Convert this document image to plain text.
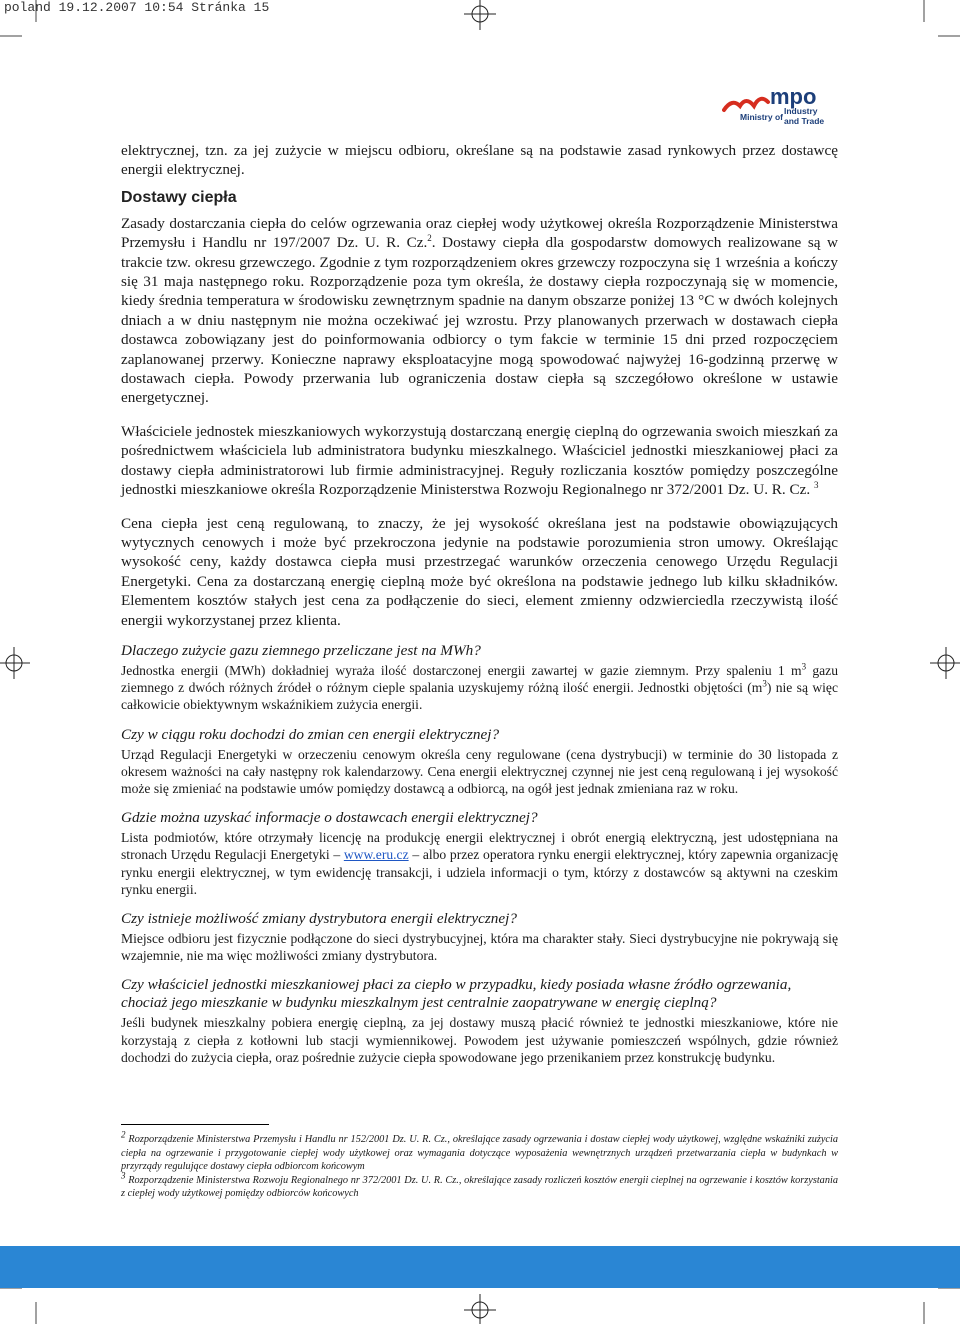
poland 19.12.2007 10:54 Stránka 15
mpo
Ministry of
Industry
and Trade

elektrycznej, tzn. za jej zużycie w miejscu odbioru, określane są na podstawie zasad rynkowych przez dostawcę energii elektrycznej.

Dostawy ciepła

Zasady dostarczania ciepła do celów ogrzewania oraz ciepłej wody użytkowej określa Rozporządzenie Ministerstwa Przemysłu i Handlu nr 197/2007 Dz. U. R. Cz.$^2$. Dostawy ciepła dla gospodarstw domowych realizowane są w trakcie tzw. okresu grzewczego. Zgodnie z tym rozporządzeniem okres grzewczy rozpoczyna się 1 września a kończy się 31 maja następnego roku. Rozporządzenie poza tym określa, że dostawy ciepła rozpoczynają się w momencie, kiedy średnia temperatura w środowisku zewnętrznym spadnie na danym obszarze poniżej 13 °C w dwóch kolejnych dniach a w dniu następnym nie można oczekiwać jej wzrostu. Przy planowanych przerwach w dostawach ciepła dostawca zobowiązany jest do poinformowania odbiorcy o tym fakcie w terminie 15 dni przed rozpoczęciem zaplanowanej przerwy. Konieczne naprawy eksploatacyjne mogą spowodować najwyżej 16-godzinną przerwę w dostawach ciepła. Powody przerwania lub ograniczenia dostaw ciepła są szczegółowo określone w ustawie energetycznej.

Właściciele jednostek mieszkaniowych wykorzystują dostarczaną energię cieplną do ogrzewania swoich mieszkań za pośrednictwem właściciela lub administratora budynku mieszkalnego. Właściciel jednostki mieszkaniowej płaci za dostawy ciepła administratorowi lub firmie administracyjnej. Reguły rozliczania kosztów pomiędzy poszczególne jednostki mieszkaniowe określa Rozporządzenie Ministerstwa Rozwoju Regionalnego nr 372/2001 Dz. U. R. Cz. $^3$

Cena ciepła jest ceną regulowaną, to znaczy, że jej wysokość określana jest na podstawie obowiązujących wytycznych cenowych i może być przekroczona jedynie na podstawie porozumienia stron umowy. Określając wysokość ceny, każdy dostawca ciepła musi przestrzegać warunków orzeczenia cenowego Urzędu Regulacji Energetyki. Cena za dostarczaną energię cieplną może być określona na podstawie jednego lub kilku składników. Elementem kosztów stałych jest cena za podłączenie do sieci, element zmienny odzwierciedla rzeczywistą ilość energii wykorzystanej przez klienta.

Dlaczego zużycie gazu ziemnego przeliczane jest na MWh?

Jednostka energii (MWh) dokładniej wyraża ilość dostarczonej energii zawartej w gazie ziemnym. Przy spaleniu 1 $m^3$ gazu ziemnego z dwóch różnych źródeł o różnym cieple spalania uzyskujemy różną ilość energii. Jednostki objętości $(m^3)$ nie są więc całkowicie obiektywnym wskaźnikiem zużycia energii.

Czy w ciągu roku dochodzi do zmian cen energii elektrycznej?

Urząd Regulacji Energetyki w orzeczeniu cenowym określa ceny regulowane (cena dystrybucji) w terminie do 30 listopada z okresem ważności na cały następny rok kalendarzowy. Cena energii elektrycznej czynnej nie jest ceną regulowaną i jej wysokość może się zmieniać na podstawie umów pomiędzy dostawcą a odbiorcą, na ogół jest jednak zmieniana raz w roku.

Gdzie można uzyskać informacje o dostawcach energii elektrycznej?

Lista podmiotów, które otrzymały licencję na produkcję energii elektrycznej i obrót energią elektryczną, jest udostępniana na stronach Urzędu Regulacji Energetyki – www.eru.cz – albo przez operatora rynku energii elektrycznej, który zapewnia organizację rynku energii elektrycznej, w tym ewidencję transakcji, i udziela informacji o tym, którzy z dostawców są aktywni na czeskim rynku energii.

Czy istnieje możliwość zmiany dystrybutora energii elektrycznej?

Miejsce odbioru jest fizycznie podłączone do sieci dystrybucyjnej, która ma charakter stały. Sieci dystrybucyjne nie pokrywają się wzajemnie, nie ma więc możliwości zmiany dystrybutora.

Czy właściciel jednostki mieszkaniowej płaci za ciepło w przypadku, kiedy posiada własne źródło ogrzewania, chociaż jego mieszkanie w budynku mieszkalnym jest centralnie zaopatrywane w energię cieplną?

Jeśli budynek mieszkalny pobiera energię cieplną, za jej dostawy muszą płacić również te jednostki mieszkaniowe, które nie korzystają z ciepła z kotłowni lub stacji wymiennikowej. Powodem jest używanie pomieszczeń wspólnych, gdzie również dochodzi do zużycia ciepła, oraz pośrednie zużycie ciepła spowodowane jego przenikaniem przez konstrukcję budynku.

$^2$ Rozporządzenie Ministerstwa Przemysłu i Handlu nr 152/2001 Dz. U. R. Cz., określające zasady ogrzewania i dostaw ciepłej wody użytkowej, względne wskaźniki zużycia ciepła na ogrzewanie i przygotowanie ciepłej wody użytkowej oraz wymagania dotyczące wyposażenia wewnętrznych urządzeń przetwarzania ciepła w budynkach w przyrządy regulujące dostawy ciepła odbiorcom końcowym

$^3$ Rozporządzenie Ministerstwa Rozwoju Regionalnego nr 372/2001 Dz. U. R. Cz., określające zasady rozliczeń kosztów energii cieplnej na ogrzewanie i kosztów korzystania z ciepłej wody użytkowej pomiędzy odbiorców końcowych
